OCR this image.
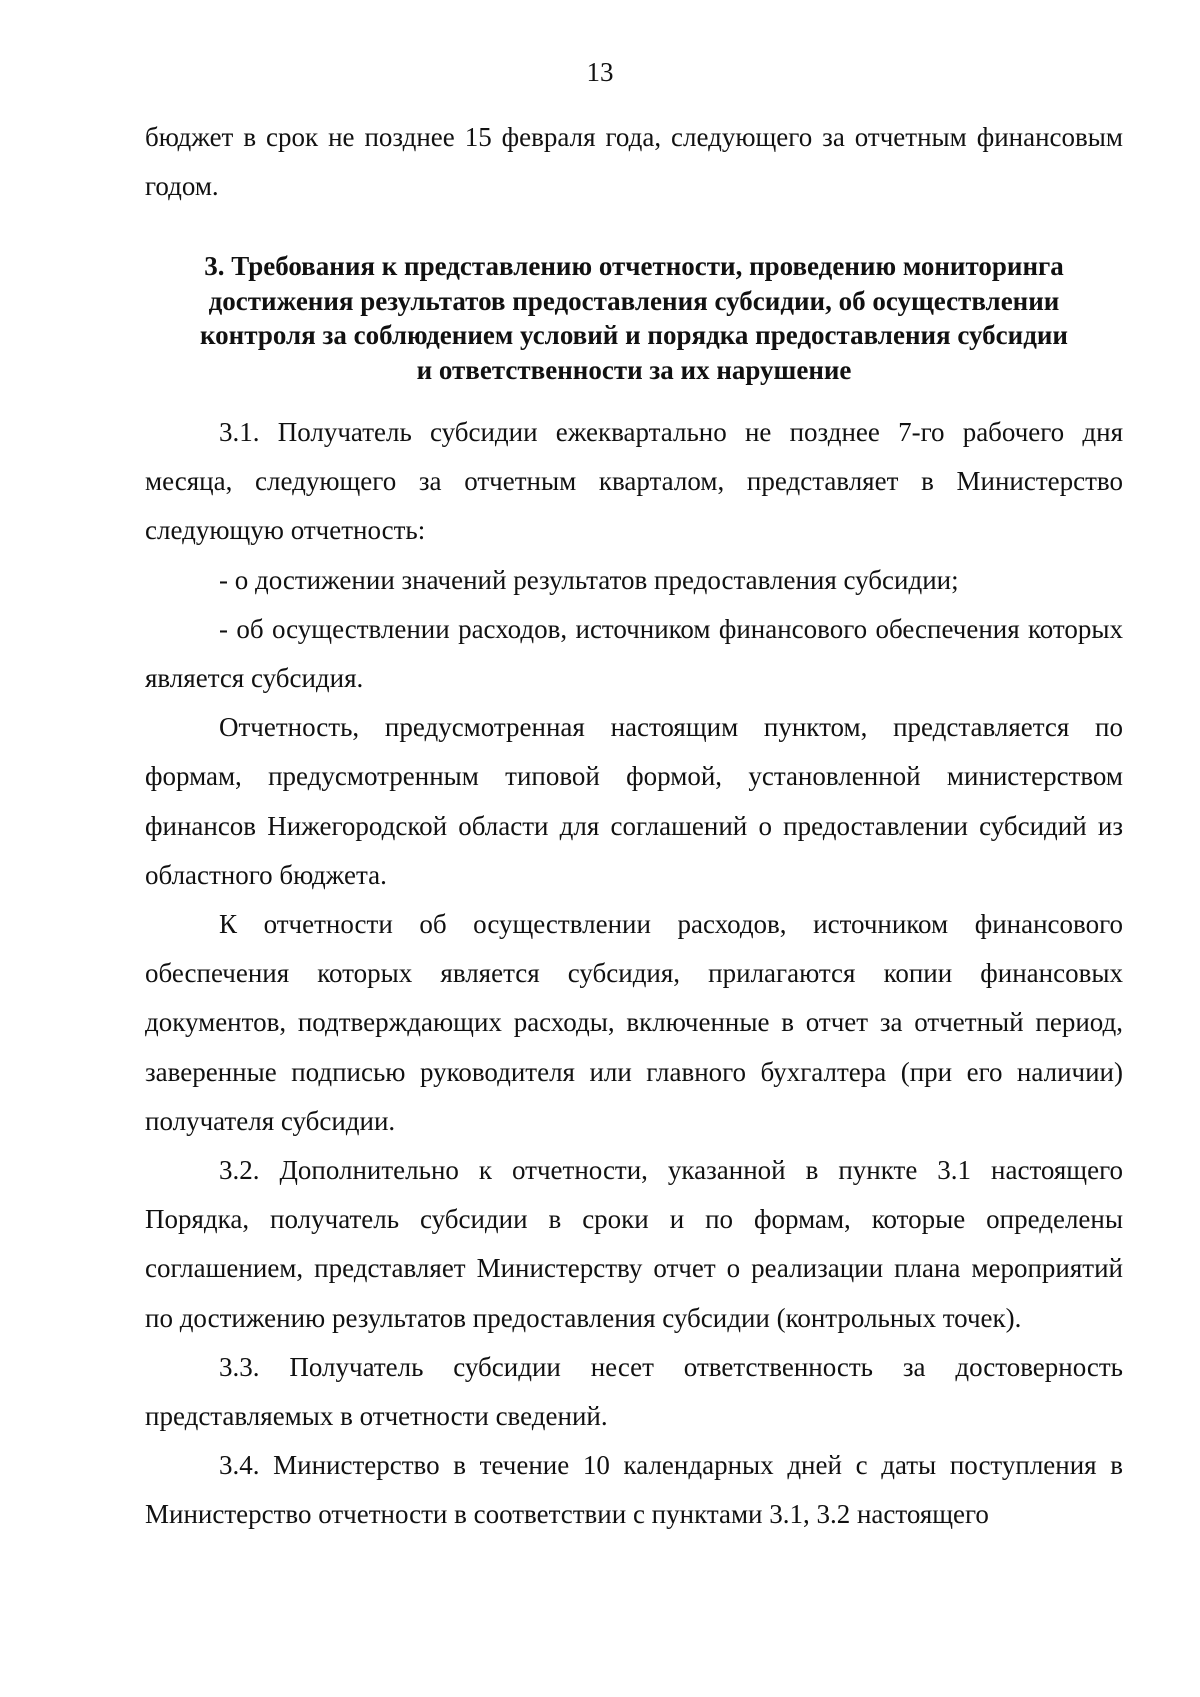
13

бюджет в срок не позднее 15 февраля года, следующего за отчетным финансовым годом.

3. Требования к представлению отчетности, проведению мониторинга
достижения результатов предоставления субсидии, об осуществлении
контроля за соблюдением условий и порядка предоставления субсидии
и ответственности за их нарушение

3.1. Получатель субсидии ежеквартально не позднее 7-го рабочего дня месяца, следующего за отчетным кварталом, представляет в Министерство следующую отчетность:

- о достижении значений результатов предоставления субсидии;

- об осуществлении расходов, источником финансового обеспечения которых является субсидия.

Отчетность, предусмотренная настоящим пунктом, представляется по формам, предусмотренным типовой формой, установленной министерством финансов Нижегородской области для соглашений о предоставлении субсидий из областного бюджета.

К отчетности об осуществлении расходов, источником финансового обеспечения которых является субсидия, прилагаются копии финансовых документов, подтверждающих расходы, включенные в отчет за отчетный период, заверенные подписью руководителя или главного бухгалтера (при его наличии) получателя субсидии.

3.2. Дополнительно к отчетности, указанной в пункте 3.1 настоящего Порядка, получатель субсидии в сроки и по формам, которые определены соглашением, представляет Министерству отчет о реализации плана мероприятий по достижению результатов предоставления субсидии (контрольных точек).

3.3. Получатель субсидии несет ответственность за достоверность представляемых в отчетности сведений.

3.4. Министерство в течение 10 календарных дней с даты поступления в Министерство отчетности в соответствии с пунктами 3.1, 3.2 настоящего
